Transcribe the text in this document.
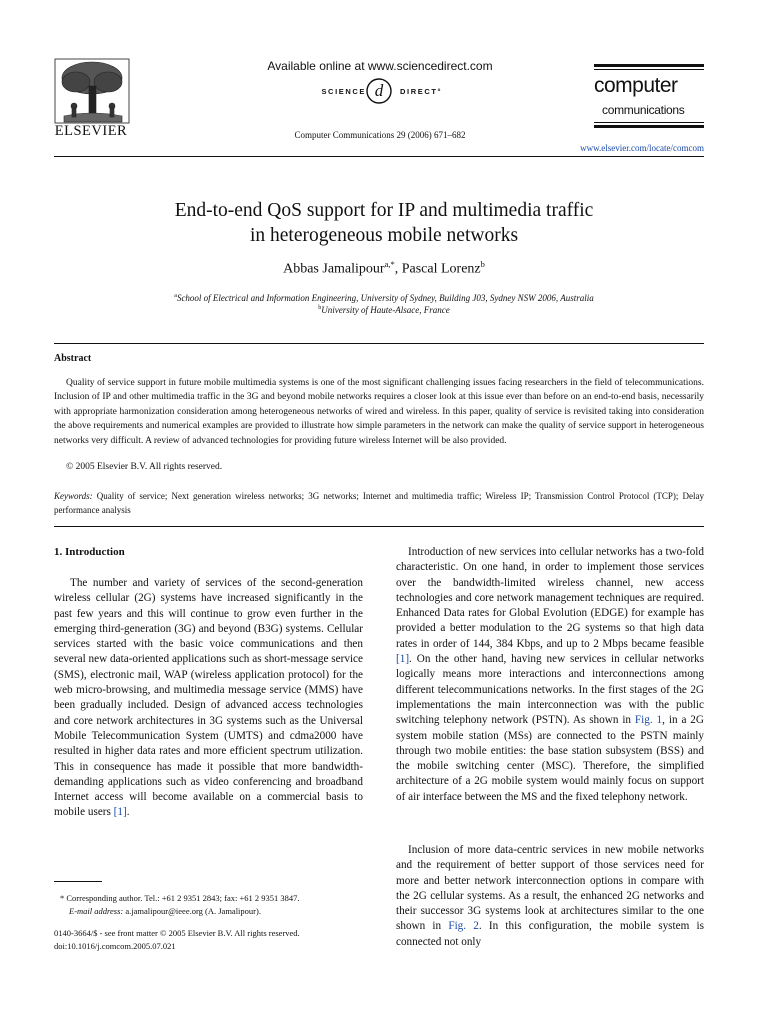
ELSEVIER
Available online at www.sciencedirect.com
SCIENCE d DIRECT°
Computer Communications 29 (2006) 671–682
computer
communications
www.elsevier.com/locate/comcom
End-to-end QoS support for IP and multimedia traffic
in heterogeneous mobile networks
Abbas Jamalipour$^{a,*}$, Pascal Lorenz$^b$
$^a$School of Electrical and Information Engineering, University of Sydney, Building J03, Sydney NSW 2006, Australia
$^b$University of Haute-Alsace, France
Abstract

Quality of service support in future mobile multimedia systems is one of the most significant challenging issues facing researchers in the field of telecommunications. Inclusion of IP and other multimedia traffic in the 3G and beyond mobile networks requires a closer look at this issue ever than before on an end-to-end basis, necessarily with appropriate harmonization consideration among heterogeneous networks of wired and wireless. In this paper, quality of service is revisited taking into consideration the above requirements and numerical examples are provided to illustrate how simple parameters in the network can make the quality of service support in heterogeneous networks very difficult. A review of advanced technologies for providing future wireless Internet will be also provided.

© 2005 Elsevier B.V. All rights reserved.

Keywords: Quality of service; Next generation wireless networks; 3G networks; Internet and multimedia traffic; Wireless IP; Transmission Control Protocol (TCP); Delay performance analysis

1. Introduction

The number and variety of services of the second-generation wireless cellular (2G) systems have increased significantly in the past few years and this will continue to grow even further in the emerging third-generation (3G) and beyond (B3G) systems. Cellular services started with the basic voice communications and then several new data-oriented applications such as short-message service (SMS), electronic mail, WAP (wireless application protocol) for the web micro-browsing, and multimedia message service (MMS) have been gradually included. Design of advanced access technologies and core network architectures in 3G systems such as the Universal Mobile Telecommunication System (UMTS) and cdma2000 have resulted in higher data rates and more efficient spectrum utilization. This in consequence has made it possible that more bandwidth-demanding applications such as video conferencing and broadband Internet access will become available on a commercial basis to mobile users [1].

* Corresponding author. Tel.: +61 2 9351 2843; fax: +61 2 9351 3847.
E-mail address: a.jamalipour@ieee.org (A. Jamalipour).
0140-3664/$ - see front matter © 2005 Elsevier B.V. All rights reserved.
doi:10.1016/j.comcom.2005.07.021

Introduction of new services into cellular networks has a two-fold characteristic. On one hand, in order to implement those services over the bandwidth-limited wireless channel, new access technologies and core network management techniques are required. Enhanced Data rates for Global Evolution (EDGE) for example has provided a better modulation to the 2G systems so that high data rates in order of 144, 384 Kbps, and up to 2 Mbps became feasible [1]. On the other hand, having new services in cellular networks logically means more interactions and interconnections among different telecommunications networks. In the first stages of the 2G implementations the main interconnection was with the public switching telephony network (PSTN). As shown in Fig. 1, in a 2G system mobile station (MSs) are connected to the PSTN mainly through two mobile entities: the base station subsystem (BSS) and the mobile switching center (MSC). Therefore, the simplified architecture of a 2G mobile system would mainly focus on support of air interface between the MS and the fixed telephony network.

Inclusion of more data-centric services in new mobile networks and the requirement of better support of those services need for more and better network interconnection options in compare with the 2G cellular systems. As a result, the enhanced 2G networks and their successor 3G systems look at architectures similar to the one shown in Fig. 2. In this configuration, the mobile system is connected not only
